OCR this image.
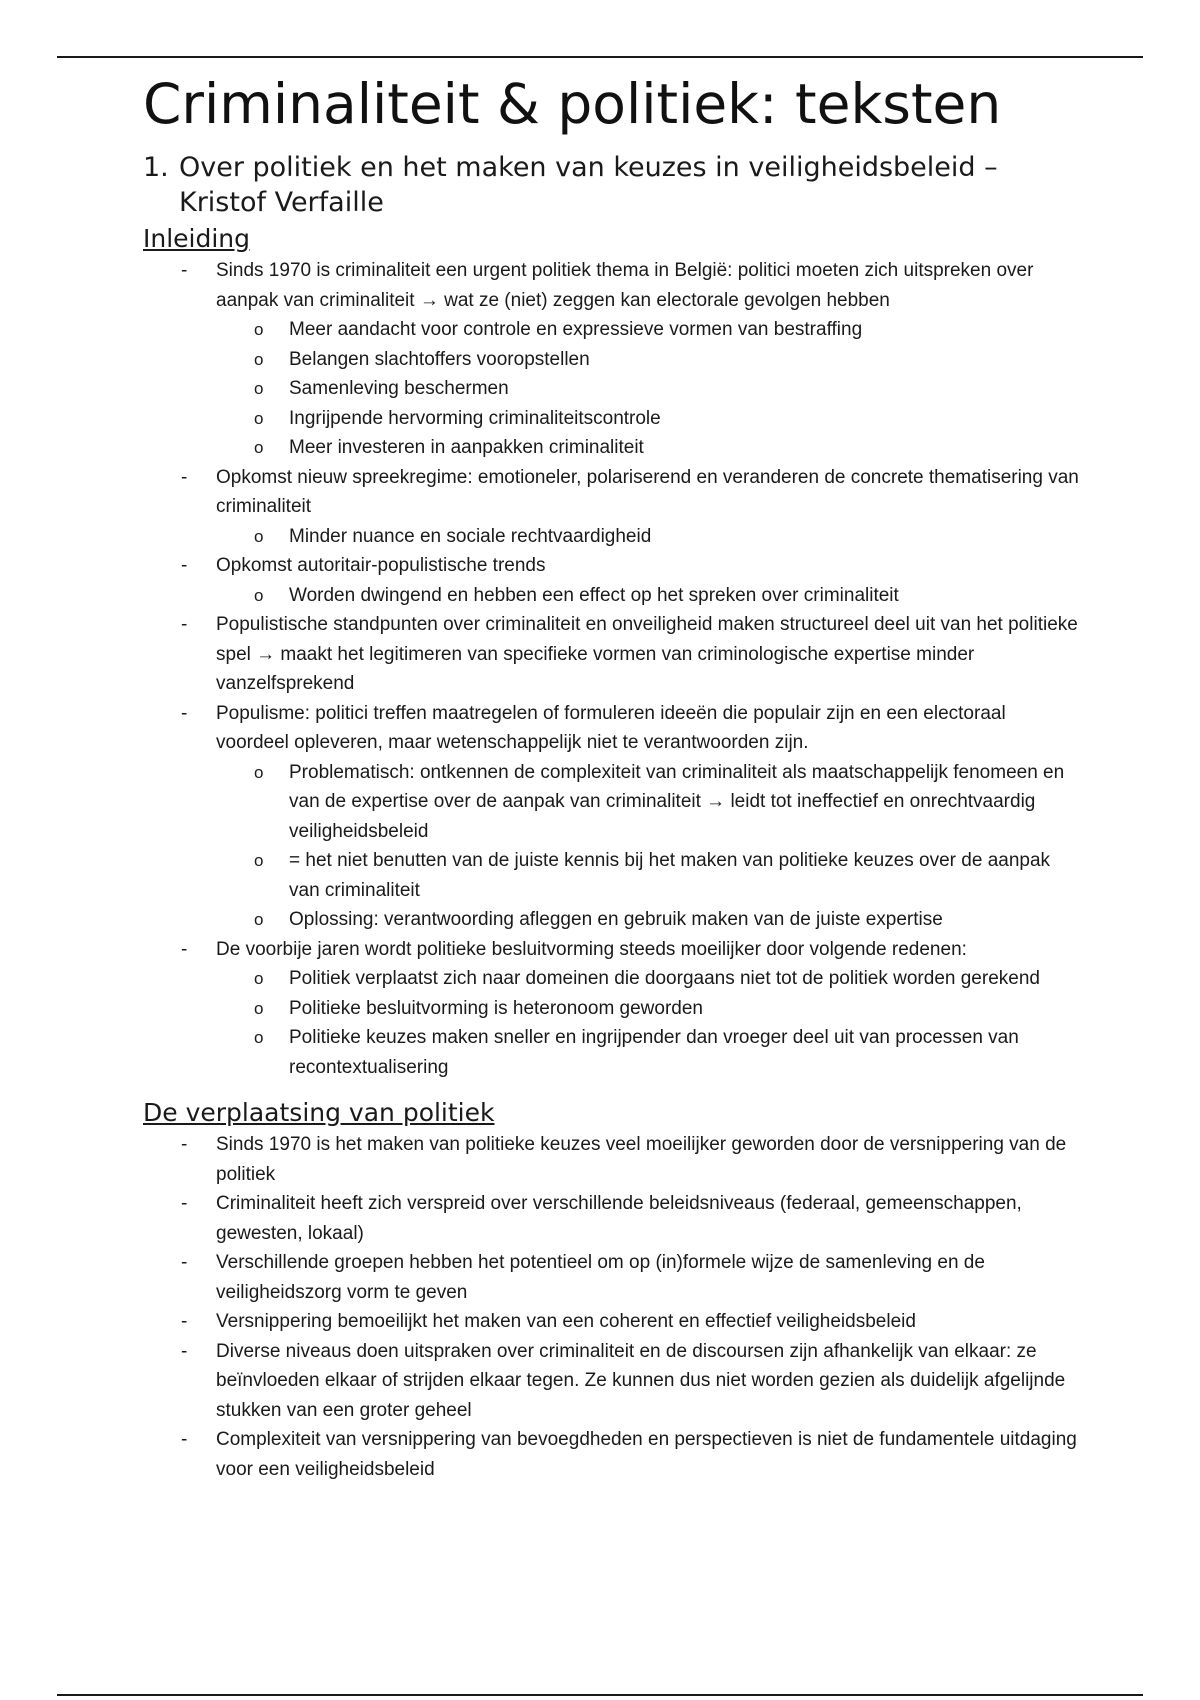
Criminaliteit & politiek: teksten
1. Over politiek en het maken van keuzes in veiligheidsbeleid – Kristof Verfaille
Inleiding
- Sinds 1970 is criminaliteit een urgent politiek thema in België: politici moeten zich uitspreken over aanpak van criminaliteit → wat ze (niet) zeggen kan electorale gevolgen hebben
o Meer aandacht voor controle en expressieve vormen van bestraffing
o Belangen slachtoffers vooropstellen
o Samenleving beschermen
o Ingrijpende hervorming criminaliteitscontrole
o Meer investeren in aanpakken criminaliteit
- Opkomst nieuw spreekregime: emotioneler, polariserend en veranderen de concrete thematisering van criminaliteit
o Minder nuance en sociale rechtvaardigheid
- Opkomst autoritair-populistische trends
o Worden dwingend en hebben een effect op het spreken over criminaliteit
- Populistische standpunten over criminaliteit en onveiligheid maken structureel deel uit van het politieke spel → maakt het legitimeren van specifieke vormen van criminologische expertise minder vanzelfsprekend
- Populisme: politici treffen maatregelen of formuleren ideeën die populair zijn en een electoraal voordeel opleveren, maar wetenschappelijk niet te verantwoorden zijn.
o Problematisch: ontkennen de complexiteit van criminaliteit als maatschappelijk fenomeen en van de expertise over de aanpak van criminaliteit → leidt tot ineffectief en onrechtvaardig veiligheidsbeleid
o = het niet benutten van de juiste kennis bij het maken van politieke keuzes over de aanpak van criminaliteit
o Oplossing: verantwoording afleggen en gebruik maken van de juiste expertise
- De voorbije jaren wordt politieke besluitvorming steeds moeilijker door volgende redenen:
o Politiek verplaatst zich naar domeinen die doorgaans niet tot de politiek worden gerekend
o Politieke besluitvorming is heteronoom geworden
o Politieke keuzes maken sneller en ingrijpender dan vroeger deel uit van processen van recontextualisering
De verplaatsing van politiek
- Sinds 1970 is het maken van politieke keuzes veel moeilijker geworden door de versnippering van de politiek
- Criminaliteit heeft zich verspreid over verschillende beleidsniveaus (federaal, gemeenschappen, gewesten, lokaal)
- Verschillende groepen hebben het potentieel om op (in)formele wijze de samenleving en de veiligheidszorg vorm te geven
- Versnippering bemoeilijkt het maken van een coherent en effectief veiligheidsbeleid
- Diverse niveaus doen uitspraken over criminaliteit en de discoursen zijn afhankelijk van elkaar: ze beïnvloeden elkaar of strijden elkaar tegen. Ze kunnen dus niet worden gezien als duidelijk afgelijnde stukken van een groter geheel
- Complexiteit van versnippering van bevoegdheden en perspectieven is niet de fundamentele uitdaging voor een veiligheidsbeleid
